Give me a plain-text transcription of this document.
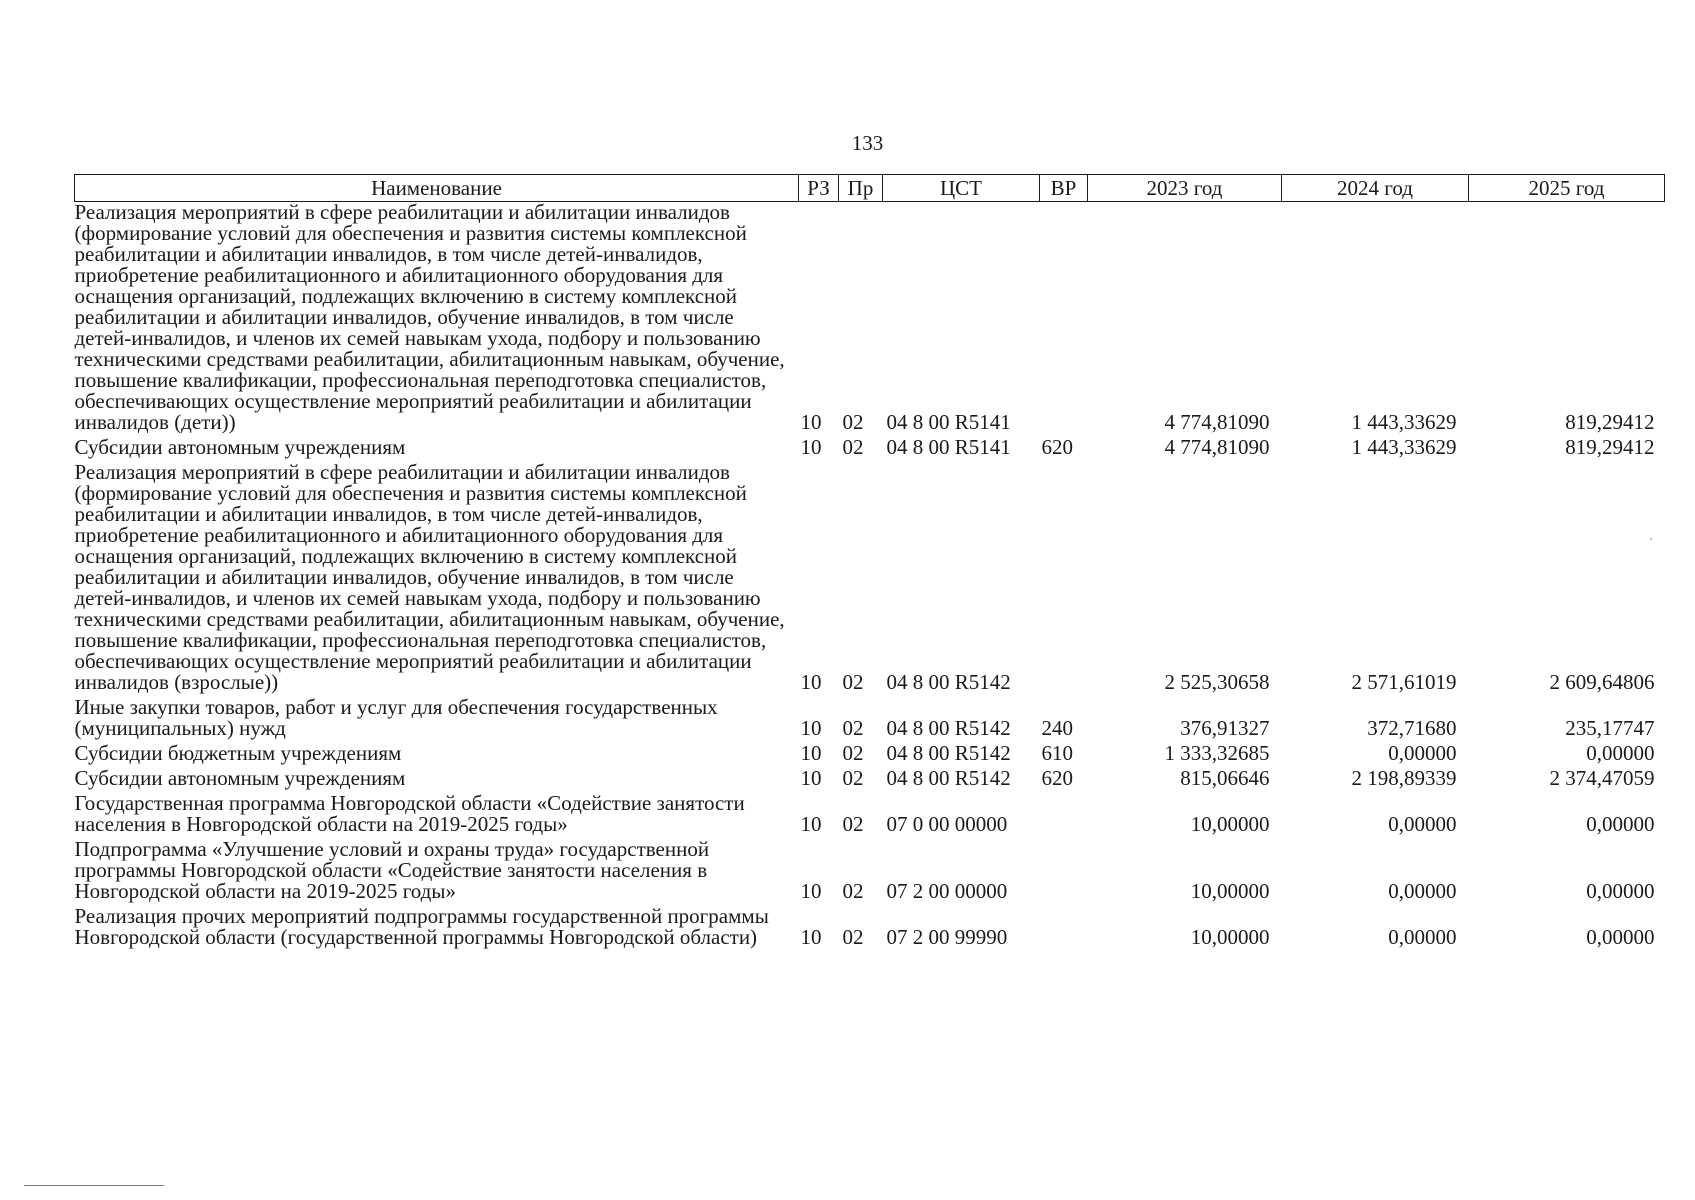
133
Наименование	РЗ	Пр	ЦСТ	ВР	2023 год	2024 год	2025 год
Реализация мероприятий в сфере реабилитации и абилитации инвалидов (формирование условий для обеспечения и развития системы комплексной реабилитации и абилитации инвалидов, в том числе детей-инвалидов, приобретение реабилитационного и абилитационного оборудования для оснащения организаций, подлежащих включению в систему комплексной реабилитации и абилитации инвалидов, обучение инвалидов, в том числе детей-инвалидов, и членов их семей навыкам ухода, подбору и пользованию техническими средствами реабилитации, абилитационным навыкам, обучение, повышение квалификации, профессиональная переподготовка специалистов, обеспечивающих осуществление мероприятий реабилитации и абилитации инвалидов (дети))	10	02	04 8 00 R5141		4 774,81090	1 443,33629	819,29412
Субсидии автономным учреждениям	10	02	04 8 00 R5141	620	4 774,81090	1 443,33629	819,29412
Реализация мероприятий в сфере реабилитации и абилитации инвалидов (формирование условий для обеспечения и развития системы комплексной реабилитации и абилитации инвалидов, в том числе детей-инвалидов, приобретение реабилитационного и абилитационного оборудования для оснащения организаций, подлежащих включению в систему комплексной реабилитации и абилитации инвалидов, обучение инвалидов, в том числе детей-инвалидов, и членов их семей навыкам ухода, подбору и пользованию техническими средствами реабилитации, абилитационным навыкам, обучение, повышение квалификации, профессиональная переподготовка специалистов, обеспечивающих осуществление мероприятий реабилитации и абилитации инвалидов (взрослые))	10	02	04 8 00 R5142		2 525,30658	2 571,61019	2 609,64806
Иные закупки товаров, работ и услуг для обеспечения государственных (муниципальных) нужд	10	02	04 8 00 R5142	240	376,91327	372,71680	235,17747
Субсидии бюджетным учреждениям	10	02	04 8 00 R5142	610	1 333,32685	0,00000	0,00000
Субсидии автономным учреждениям	10	02	04 8 00 R5142	620	815,06646	2 198,89339	2 374,47059
Государственная программа Новгородской области «Содействие занятости населения в Новгородской области на 2019-2025 годы»	10	02	07 0 00 00000		10,00000	0,00000	0,00000
Подпрограмма «Улучшение условий и охраны труда» государственной программы Новгородской области «Содействие занятости населения в Новгородской области на 2019-2025 годы»	10	02	07 2 00 00000		10,00000	0,00000	0,00000
Реализация прочих мероприятий подпрограммы государственной программы Новгородской области (государственной программы Новгородской области)	10	02	07 2 00 99990		10,00000	0,00000	0,00000
